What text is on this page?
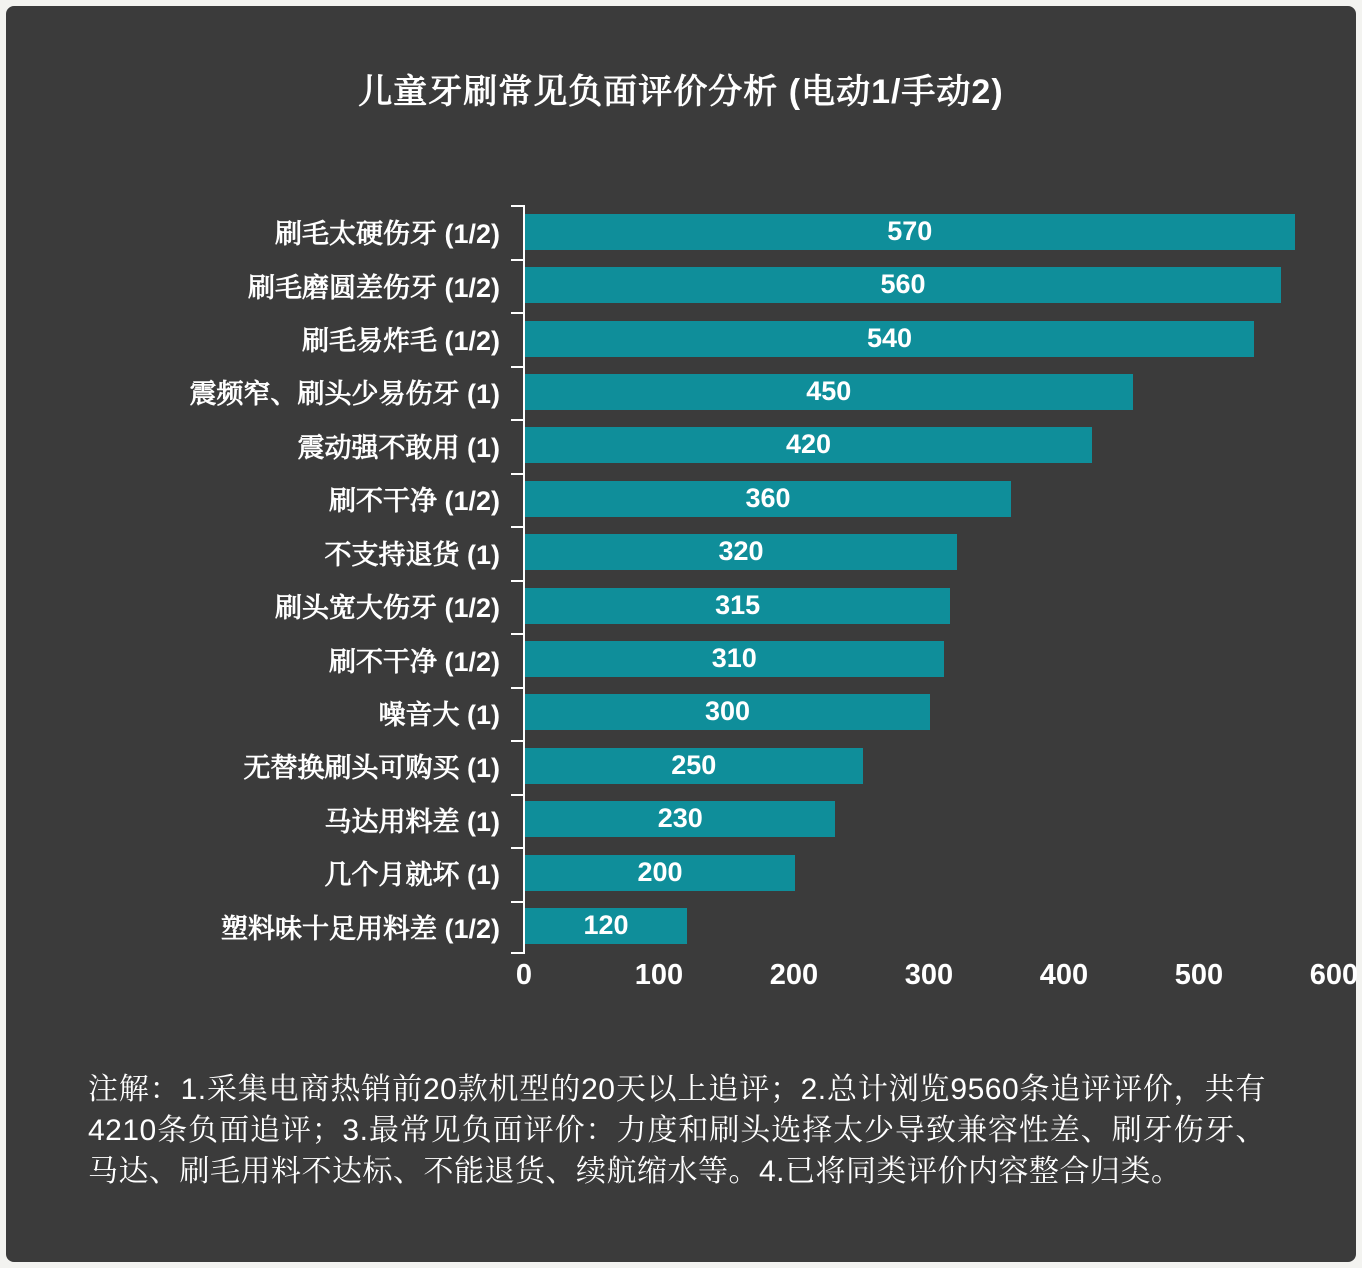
儿童牙刷常见负面评价分析 (电动1/手动2)
刷毛太硬伤牙 (1/2)	570
刷毛磨圆差伤牙 (1/2)	560
刷毛易炸毛 (1/2)	540
震频窄、刷头少易伤牙 (1)	450
震动强不敢用 (1)	420
刷不干净 (1/2)	360
不支持退货 (1)	320
刷头宽大伤牙 (1/2)	315
刷不干净 (1/2)	310
噪音大 (1)	300
无替换刷头可购买 (1)	250
马达用料差 (1)	230
几个月就坏 (1)	200
塑料味十足用料差 (1/2)	120
0	100	200	300	400	500	600

注解：1.采集电商热销前20款机型的20天以上追评；2.总计浏览9560条追评评价，共有4210条负面追评；3.最常见负面评价：力度和刷头选择太少导致兼容性差、刷牙伤牙、马达、刷毛用料不达标、不能退货、续航缩水等。4.已将同类评价内容整合归类。
